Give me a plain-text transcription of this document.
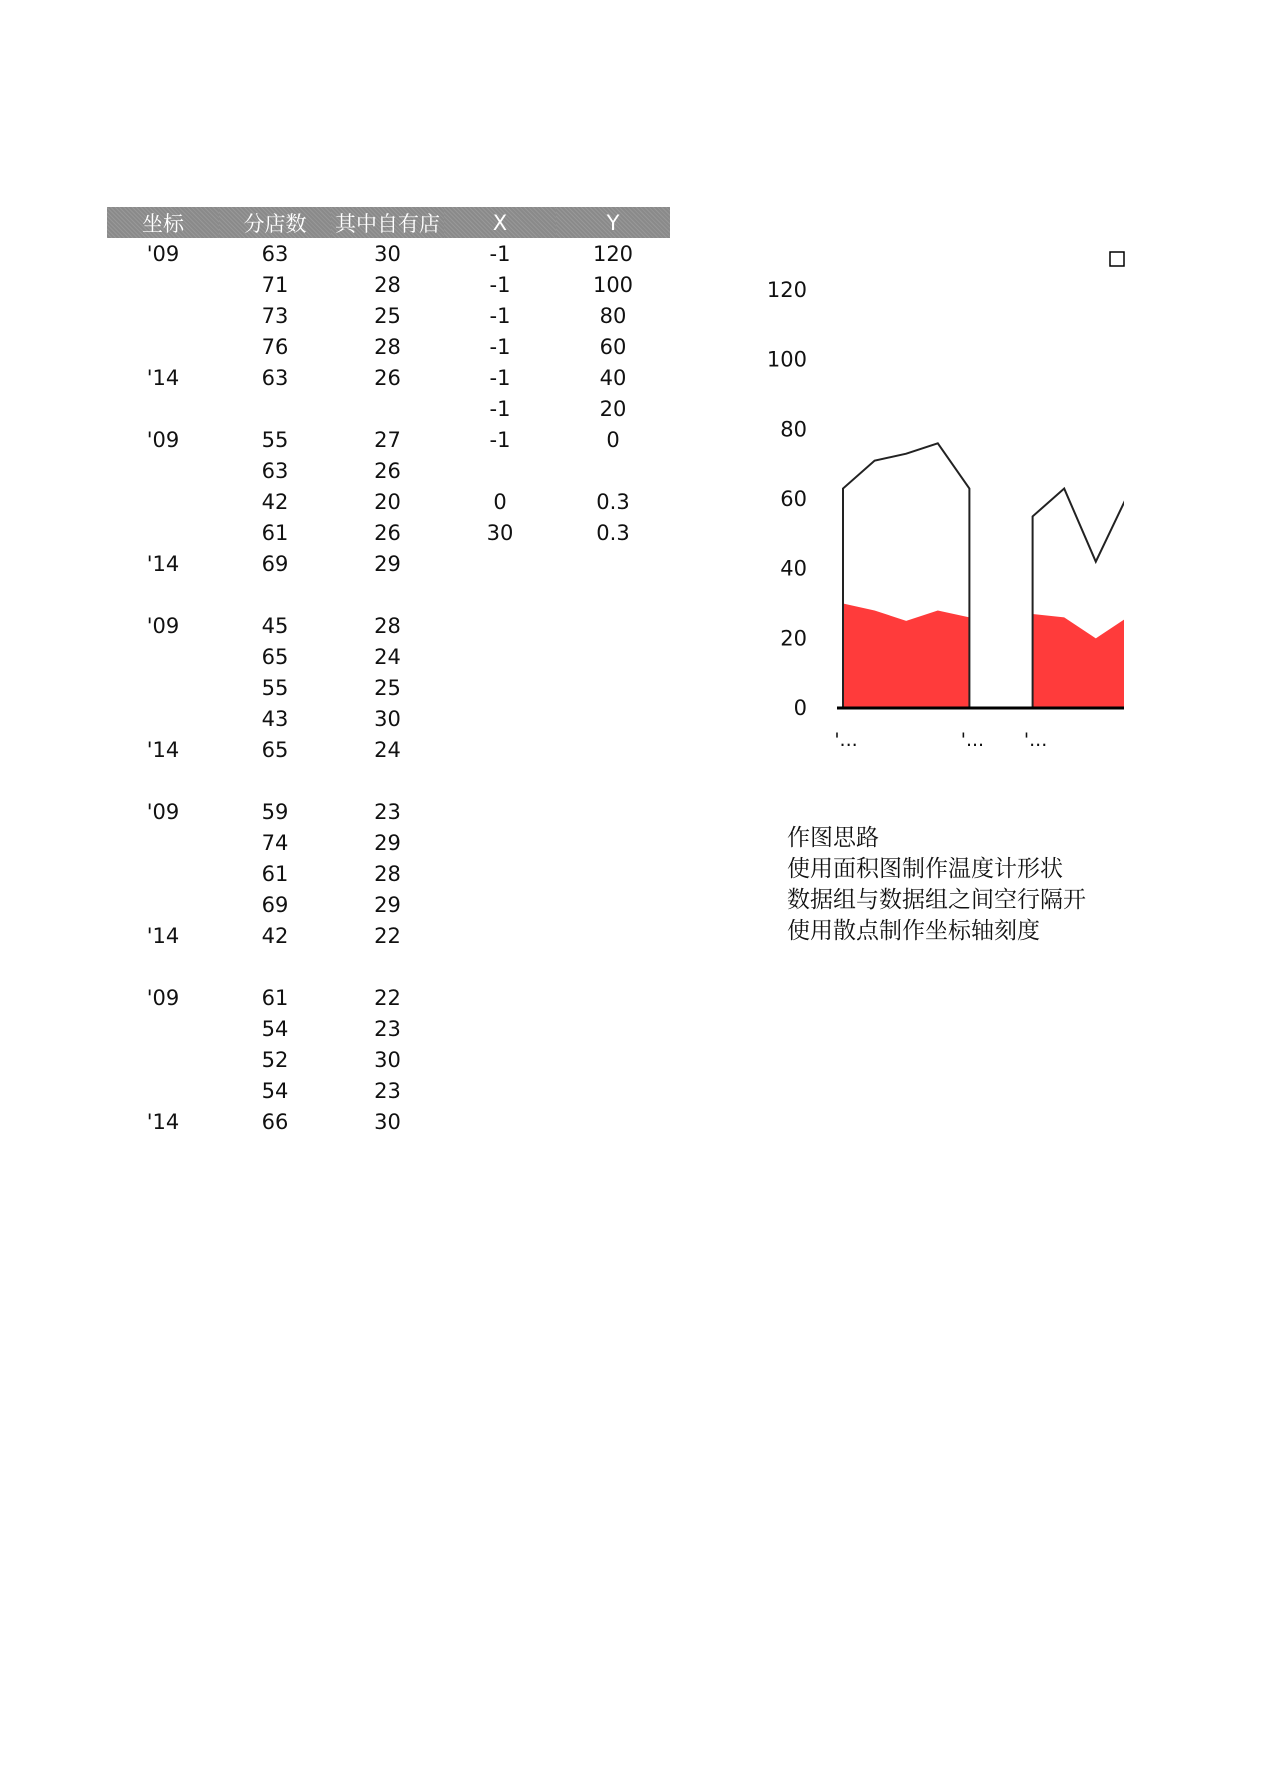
坐标	分店数	其中自有店	X	Y
'09	63	30	-1	120
	71	28	-1	100
	73	25	-1	80
	76	28	-1	60
'14	63	26	-1	40
			-1	20
'09	55	27	-1	0
	63	26		
	42	20	0	0.3
	61	26	30	0.3
'14	69	29		

'09	45	28		
	65	24		
	55	25		
	43	30		
'14	65	24		

'09	59	23		
	74	29		
	61	28		
	69	29		
'14	42	22		

'09	61	22		
	54	23		
	52	30		
	54	23		
'14	66	30		
0
20
40
60
80
100
120
'...	'... '...
作图思路
使用面积图制作温度计形状
数据组与数据组之间空行隔开
使用散点制作坐标轴刻度
